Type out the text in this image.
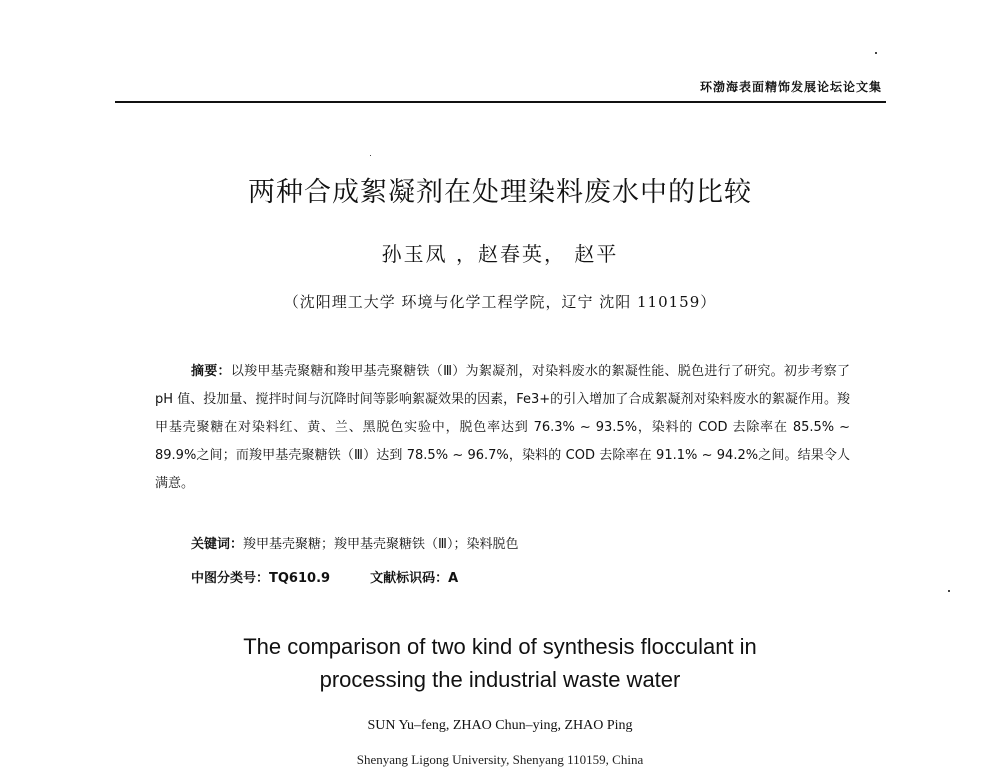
环渤海表面精饰发展论坛论文集
两种合成絮凝剂在处理染料废水中的比较
孙玉凤 ，赵春英， 赵平
（沈阳理工大学 环境与化学工程学院，辽宁 沈阳 110159）
摘要：以羧甲基壳聚糖和羧甲基壳聚糖铁（Ⅲ）为絮凝剂，对染料废水的絮凝性能、脱色进行了研究。初步考察了 pH 值、投加量、搅拌时间与沉降时间等影响絮凝效果的因素，Fe3+的引入增加了合成絮凝剂对染料废水的絮凝作用。羧甲基壳聚糖在对染料红、黄、兰、黑脱色实验中，脱色率达到 76.3% ~ 93.5%，染料的 COD 去除率在 85.5% ~ 89.9%之间；而羧甲基壳聚糖铁（Ⅲ）达到 78.5% ~ 96.7%，染料的 COD 去除率在 91.1% ~ 94.2%之间。结果令人满意。
关键词：羧甲基壳聚糖；羧甲基壳聚糖铁（Ⅲ）；染料脱色
中图分类号：TQ610.9	文献标识码：A
The comparison of two kind of synthesis flocculant in
processing the industrial waste water
SUN Yu–feng, ZHAO Chun–ying, ZHAO Ping
Shenyang Ligong University, Shenyang 110159, China
